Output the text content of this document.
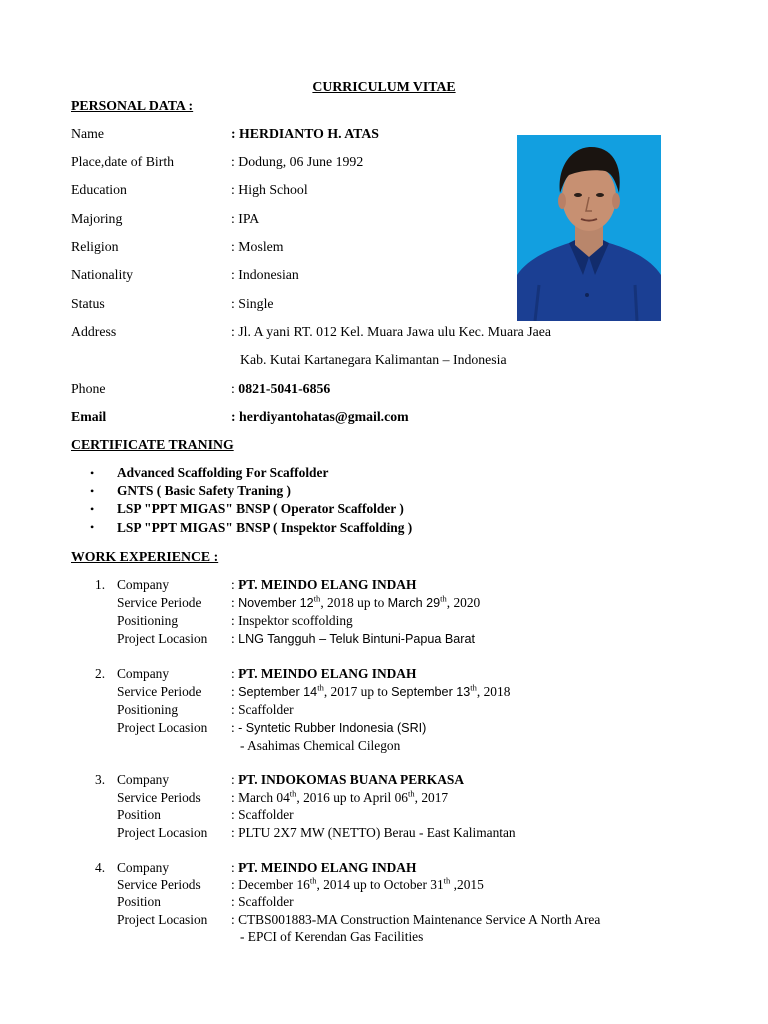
CURRICULUM VITAE
PERSONAL DATA :
Name	: HERDIANTO H. ATAS
Place,date of Birth	: Dodung, 06 June 1992
Education	: High School
Majoring	: IPA
Religion	: Moslem
Nationality	: Indonesian
Status	: Single
Address	: Jl. A yani RT. 012 Kel. Muara Jawa ulu Kec. Muara Jaea
Kab. Kutai Kartanegara Kalimantan – Indonesia
Phone	: 0821-5041-6856
Email	: herdiyantohatas@gmail.com
CERTIFICATE TRANING
• Advanced Scaffolding For Scaffolder
• GNTS ( Basic Safety Traning )
• LSP "PPT MIGAS" BNSP ( Operator Scaffolder )
• LSP "PPT MIGAS" BNSP ( Inspektor Scaffolding )
WORK EXPERIENCE :
1. Company	: PT. MEINDO ELANG INDAH
Service Periode : November 12th, 2018 up to March 29th, 2020
Positioning	: Inspektor scoffolding
Project Locasion : LNG Tangguh – Teluk Bintuni-Papua Barat
2. Company	: PT. MEINDO ELANG INDAH
Service Periode : September 14th, 2017 up to September 13th, 2018
Positioning	: Scaffolder
Project Locasion : - Syntetic Rubber Indonesia (SRI)
- Asahimas Chemical Cilegon
3. Company	: PT. INDOKOMAS BUANA PERKASA
Service Periods : March 04th, 2016 up to April 06th, 2017
Position	: Scaffolder
Project Locasion : PLTU 2X7 MW (NETTO) Berau - East Kalimantan
4. Company	: PT. MEINDO ELANG INDAH
Service Periods : December 16th, 2014 up to October 31th ,2015
Position	: Scaffolder
Project Locasion : CTBS001883-MA Construction Maintenance Service A North Area
- EPCI of Kerendan Gas Facilities
